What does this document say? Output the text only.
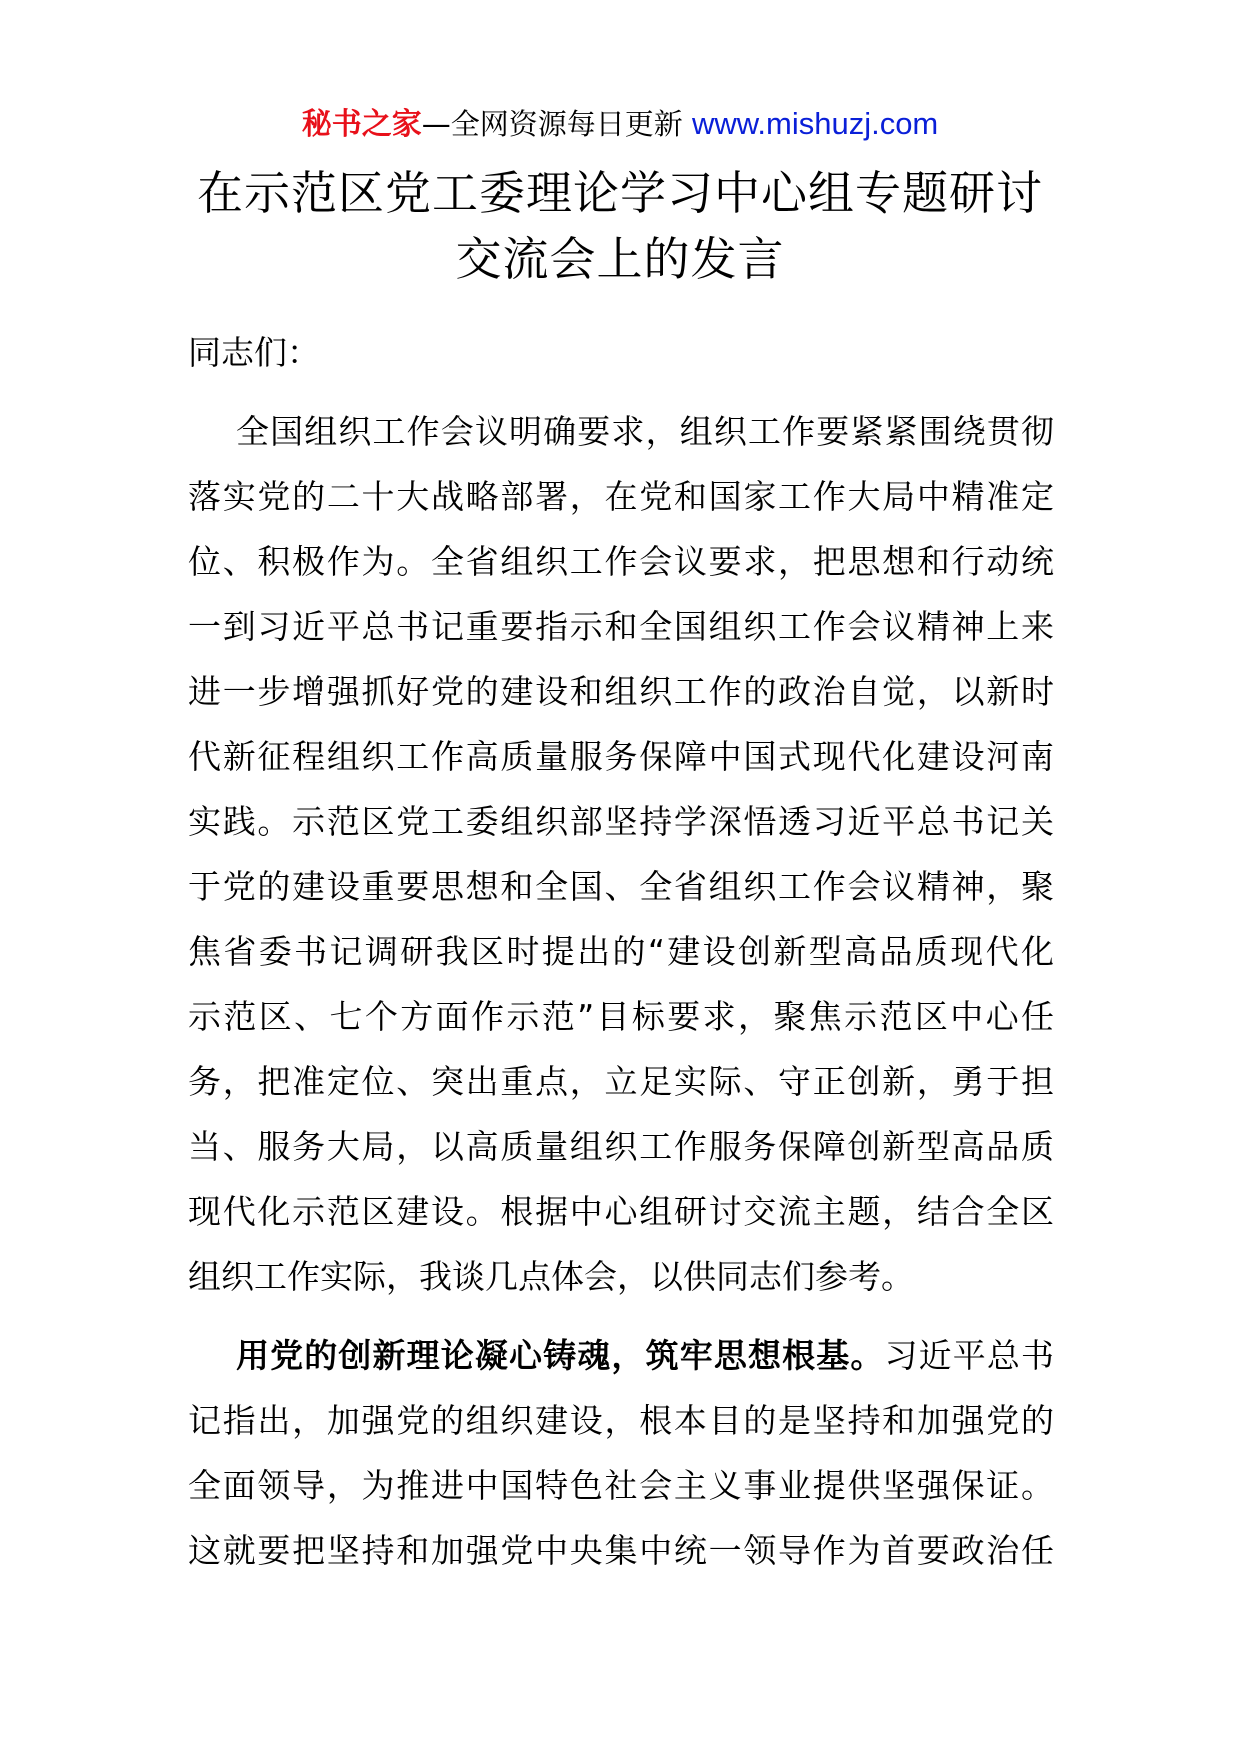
秘书之家—全网资源每日更新 www.mishuzj.com
在示范区党工委理论学习中心组专题研讨
交流会上的发言
同志们：
全国组织工作会议明确要求，组织工作要紧紧围绕贯彻
落实党的二十大战略部署，在党和国家工作大局中精准定
位、积极作为。全省组织工作会议要求，把思想和行动统
一到习近平总书记重要指示和全国组织工作会议精神上来
进一步增强抓好党的建设和组织工作的政治自觉，以新时
代新征程组织工作高质量服务保障中国式现代化建设河南
实践。示范区党工委组织部坚持学深悟透习近平总书记关
于党的建设重要思想和全国、全省组织工作会议精神，聚
焦省委书记调研我区时提出的“建设创新型高品质现代化
示范区、七个方面作示范”目标要求，聚焦示范区中心任
务，把准定位、突出重点，立足实际、守正创新，勇于担
当、服务大局，以高质量组织工作服务保障创新型高品质
现代化示范区建设。根据中心组研讨交流主题，结合全区
组织工作实际，我谈几点体会，以供同志们参考。
用党的创新理论凝心铸魂，筑牢思想根基。习近平总书
记指出，加强党的组织建设，根本目的是坚持和加强党的
全面领导，为推进中国特色社会主义事业提供坚强保证。
这就要把坚持和加强党中央集中统一领导作为首要政治任
